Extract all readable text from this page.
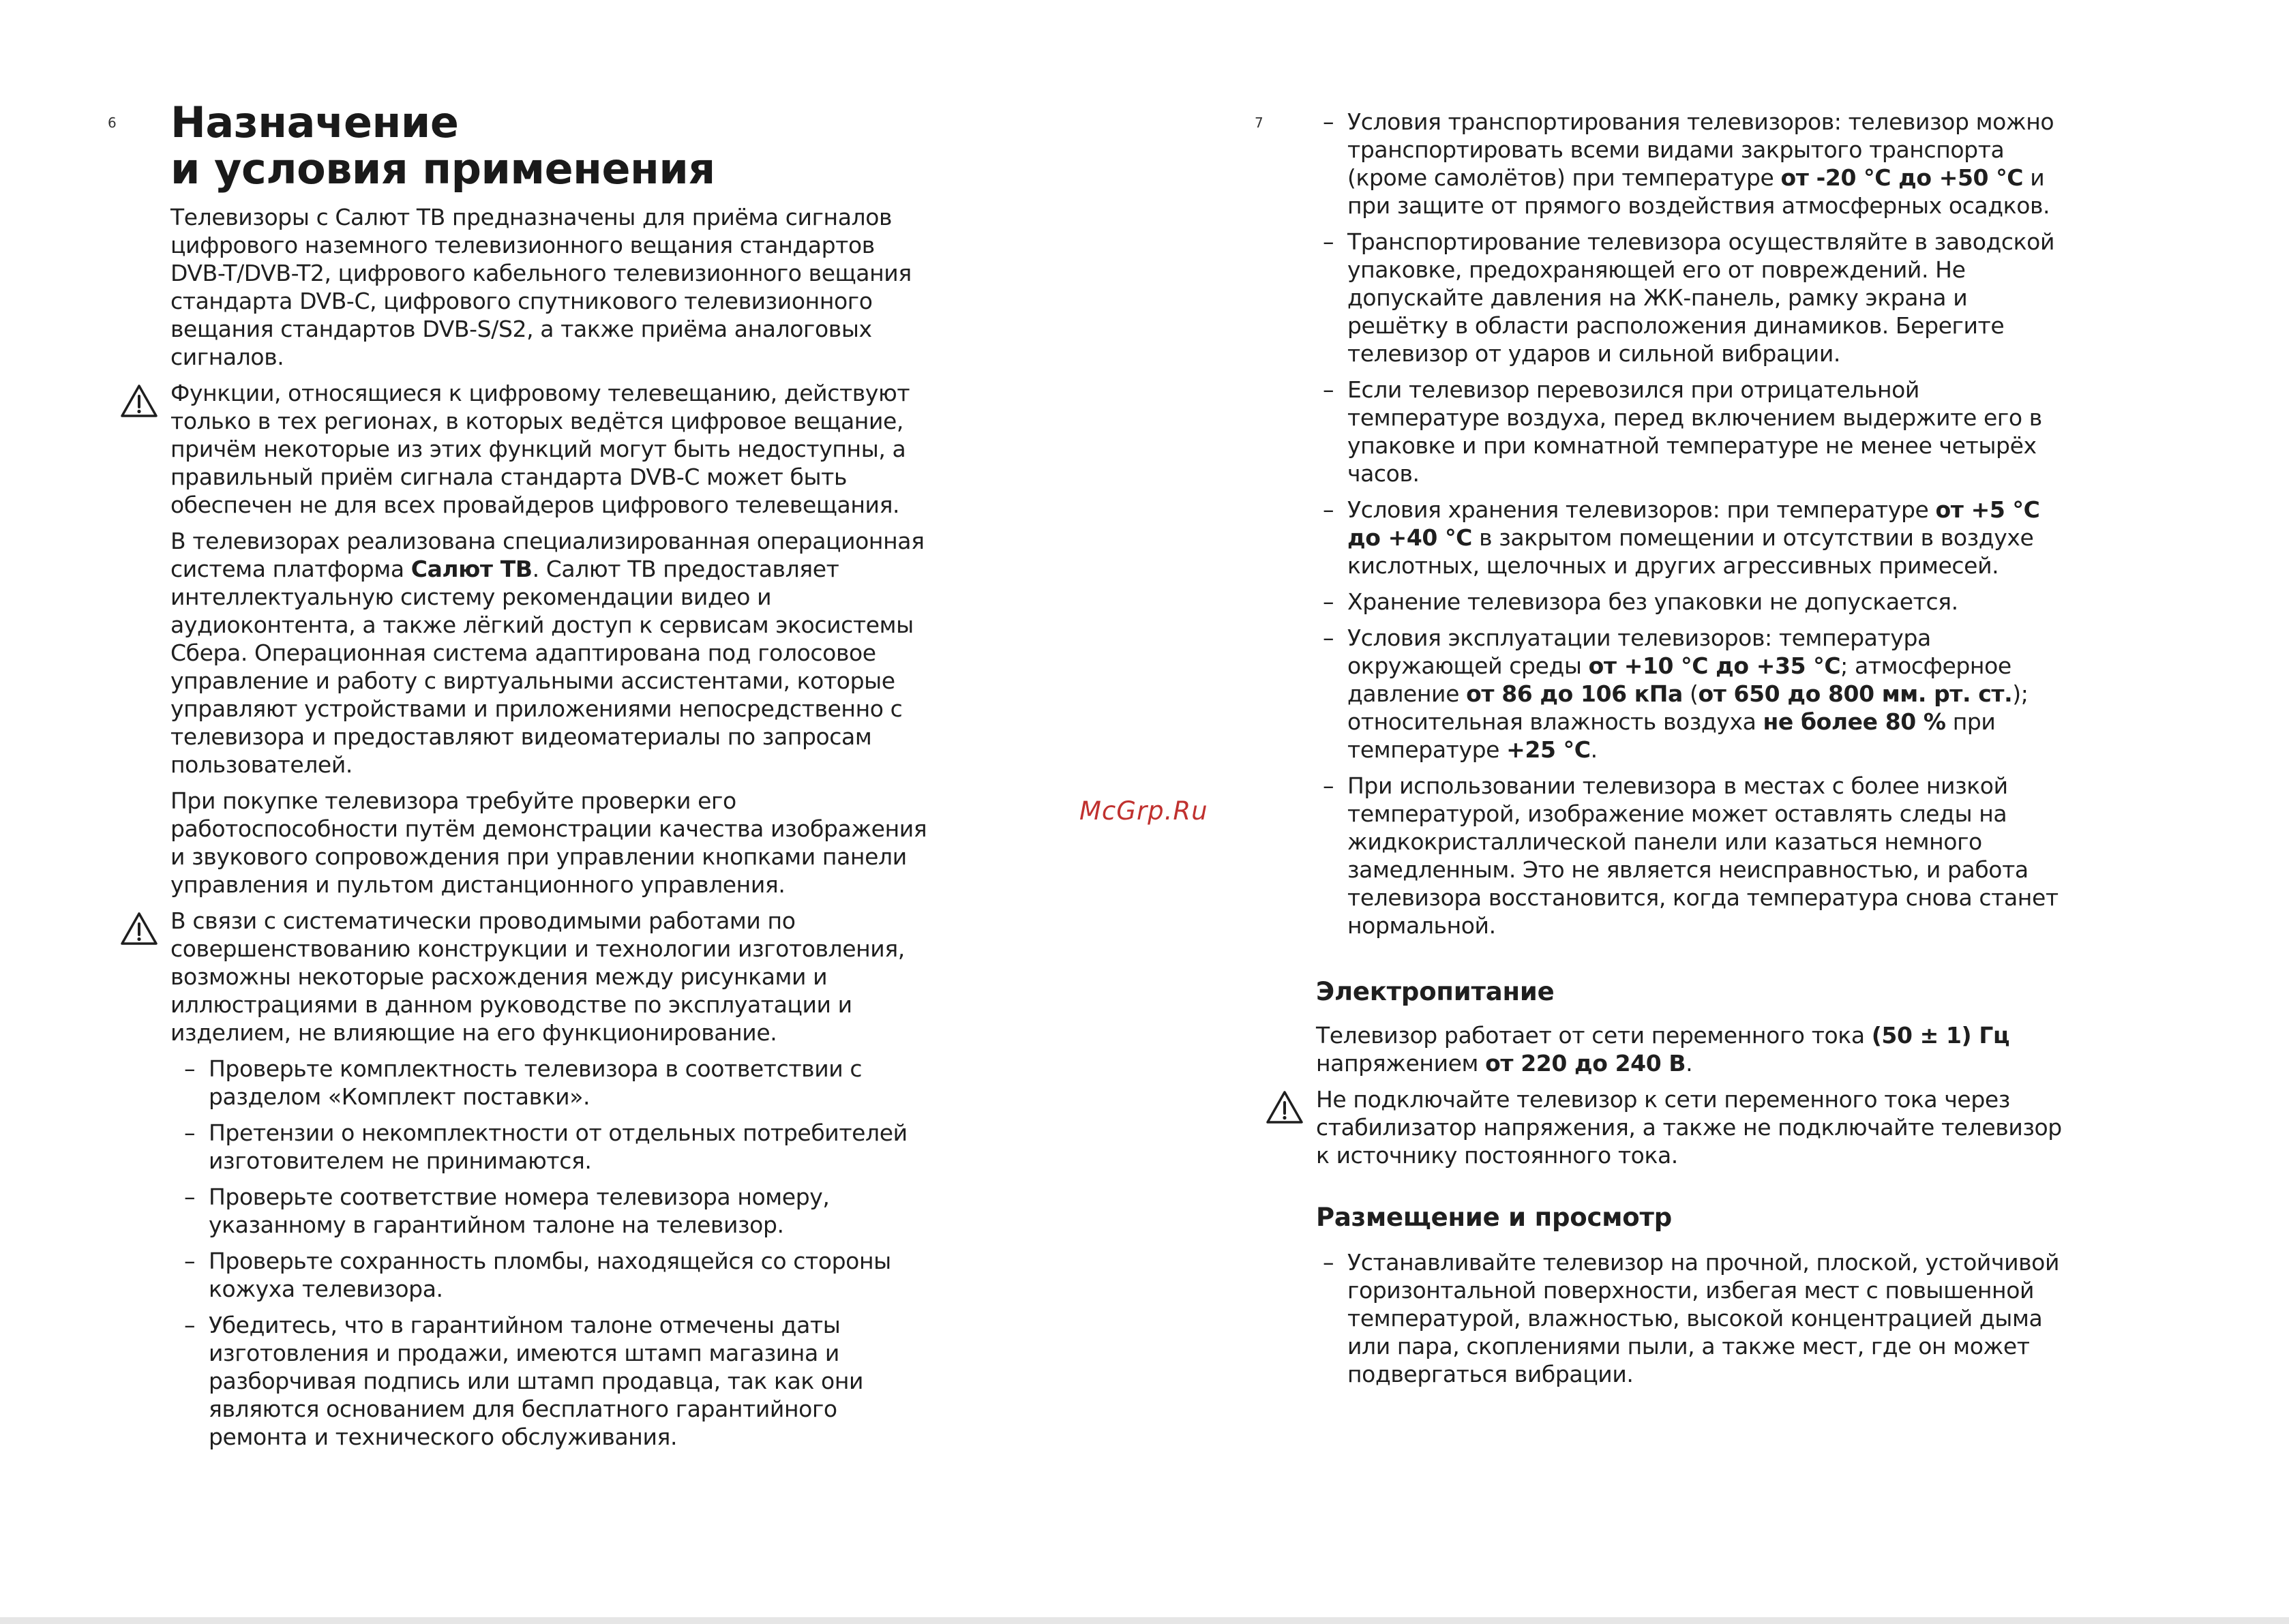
6 Назначение
и условия применения

Телевизоры с Салют ТВ предназначены для приёма сигналов цифрового наземного телевизионного вещания стандартов DVB-T/DVB-T2, цифрового кабельного телевизионного вещания стандарта DVB-C, цифрового спутникового телевизионного вещания стандартов DVB-S/S2, а также приёма аналоговых сигналов.

Функции, относящиеся к цифровому телевещанию, действуют только в тех регионах, в которых ведётся цифровое вещание, причём некоторые из этих функций могут быть недоступны, а правильный приём сигнала стандарта DVB-C может быть обеспечен не для всех провайдеров цифрового телевещания.

В телевизорах реализована специализированная операционная система платформа Салют ТВ. Салют ТВ предоставляет интеллектуальную систему рекомендации видео и аудиоконтента, а также лёгкий доступ к сервисам экосистемы Сбера. Операционная система адаптирована под голосовое управление и работу с виртуальными ассистентами, которые управляют устройствами и приложениями непосредственно с телевизора и предоставляют видеоматериалы по запросам пользователей.

При покупке телевизора требуйте проверки его работоспособности путём демонстрации качества изображения и звукового сопровождения при управлении кнопками панели управления и пультом дистанционного управления.

В связи с систематически проводимыми работами по совершенствованию конструкции и технологии изготовления, возможны некоторые расхождения между рисунками и иллюстрациями в данном руководстве по эксплуатации и изделием, не влияющие на его функционирование.

– Проверьте комплектность телевизора в соответствии с разделом «Комплект поставки».

– Претензии о некомплектности от отдельных потребителей изготовителем не принимаются.

– Проверьте соответствие номера телевизора номеру, указанному в гарантийном талоне на телевизор.

– Проверьте сохранность пломбы, находящейся со стороны кожуха телевизора.

– Убедитесь, что в гарантийном талоне отмечены даты изготовления и продажи, имеются штамп магазина и разборчивая подпись или штамп продавца, так как они являются основанием для бесплатного гарантийного ремонта и технического обслуживания.

McGrp.Ru
7

–	Условия транспортирования телевизоров: телевизор можно транспортировать всеми видами закрытого транспорта (кроме самолётов) при температуре от -20 °C до +50 °C и при защите от прямого воздействия атмосферных осадков.

– Транспортирование телевизора осуществляйте в заводской упаковке, предохраняющей его от повреждений. Не допускайте давления на ЖК-панель, рамку экрана и решётку в области расположения динамиков. Берегите телевизор от ударов и сильной вибрации.

– Если телевизор перевозился при отрицательной температуре воздуха, перед включением выдержите его в упаковке и при комнатной температуре не менее четырёх часов.

– Условия хранения телевизоров: при температуре от +5 °C до +40 °C в закрытом помещении и отсутствии в воздухе кислотных, щелочных и других агрессивных примесей.

– Хранение телевизора без упаковки не допускается.

– Условия эксплуатации телевизоров: температура окружающей среды от +10 °C до +35 °C; атмосферное давление от 86 до 106 кПа (от 650 до 800 мм. рт. ст.); относительная влажность воздуха не более 80 % при температуре +25 °C.

– При использовании телевизора в местах с более низкой температурой, изображение может оставлять следы на жидкокристаллической панели или казаться немного замедленным. Это не является неисправностью, и работа телевизора восстановится, когда температура снова станет нормальной.

Электропитание

Телевизор работает от сети переменного тока (50 ± 1) Гц напряжением от 220 до 240 В.

Не подключайте телевизор к сети переменного тока через стабилизатор напряжения, а также не подключайте телевизор к источнику постоянного тока.

Размещение и просмотр

– Устанавливайте телевизор на прочной, плоской, устойчивой горизонтальной поверхности, избегая мест с повышенной температурой, влажностью, высокой концентрацией дыма или пара, скоплениями пыли, а также мест, где он может подвергаться вибрации.
